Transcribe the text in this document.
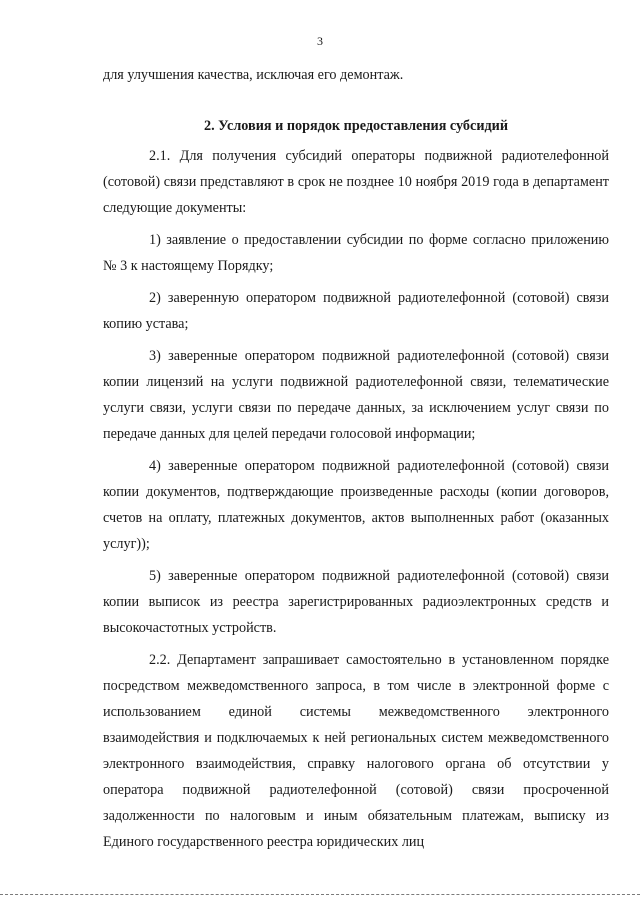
3

для улучшения качества, исключая его демонтаж.

2. Условия и порядок предоставления субсидий

2.1. Для получения субсидий операторы подвижной радиотелефонной (сотовой) связи представляют в срок не позднее 10 ноября 2019 года в департамент следующие документы:

1) заявление о предоставлении субсидии по форме согласно приложению № 3 к настоящему Порядку;

2) заверенную оператором подвижной радиотелефонной (сотовой) связи копию устава;

3) заверенные оператором подвижной радиотелефонной (сотовой) связи копии лицензий на услуги подвижной радиотелефонной связи, телематические услуги связи, услуги связи по передаче данных, за исключением услуг связи по передаче данных для целей передачи голосовой информации;

4) заверенные оператором подвижной радиотелефонной (сотовой) связи копии документов, подтверждающие произведенные расходы (копии договоров, счетов на оплату, платежных документов, актов выполненных работ (оказанных услуг));

5) заверенные оператором подвижной радиотелефонной (сотовой) связи копии выписок из реестра зарегистрированных радиоэлектронных средств и высокочастотных устройств.

2.2. Департамент запрашивает самостоятельно в установленном порядке посредством межведомственного запроса, в том числе в электронной форме с использованием единой системы межведомственного электронного взаимодействия и подключаемых к ней региональных систем межведомственного электронного взаимодействия, справку налогового органа об отсутствии у оператора подвижной радиотелефонной (сотовой) связи просроченной задолженности по налоговым и иным обязательным платежам, выписку из Единого государственного реестра юридических лиц
